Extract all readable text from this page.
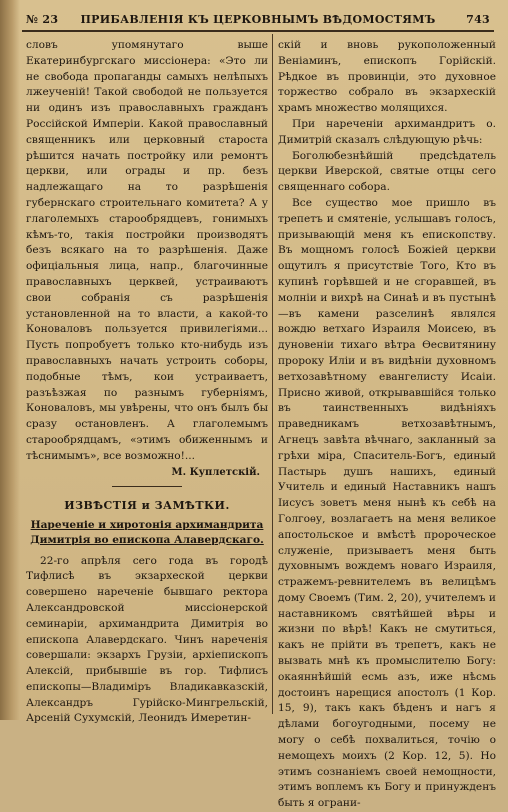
№ 23	ПРИБАВЛЕНІЯ КЪ ЦЕРКОВНЫМЪ ВѢДОМОСТЯМЪ	743

словъ упомянутаго выше Екатеринбургскаго миссіонера: «Это ли не свобода пропаганды самыхъ нелѣпыхъ лжеученій! Такой свободой не пользуется ни одинъ изъ православныхъ гражданъ Россійской Имперіи. Какой православный священникъ или церковный староста рѣшится начать постройку или ремонтъ церкви, или ограды и пр. безъ надлежащаго на то разрѣшенія губернскаго строительнаго комитета? А у глаголемыхъ старообрядцевъ, гонимыхъ кѣмъ-то, такія постройки производятъ безъ всякаго на то разрѣшенія. Даже офиціальныя лица, напр., благочинные православныхъ церквей, устраиваютъ свои собранія съ разрѣшенія установленной на то власти, а какой-то Коноваловъ пользуется привилегіями... Пусть попробуетъ только кто-нибудь изъ православныхъ начать устроить соборы, подобные тѣмъ, кои устраиваетъ, разъѣзжая по разнымъ губерніямъ, Коноваловъ, мы увѣрены, что онъ былъ бы сразу остановленъ. А глаголемымъ старообрядцамъ, «этимъ обиженнымъ и тѣснимымъ», все возможно!...

М. Куплетскій.
ИЗВѢСТІЯ и ЗАМѢТКИ.
Нареченіе и хиротонія архимандрита Димитрія во епископа Алавердскаго.

22-го апрѣля сего года въ городѣ Тифлисѣ въ экзархеской церкви совершено нареченіе бывшаго ректора Александровской миссіонерской семинаріи, архимандрита Димитрія во епископа Алавердскаго. Чинъ нареченія совершали: экзархъ Грузіи, архіепископъ Алексій, прибывшіе въ гор. Тифлисъ епископы—Владиміръ Владикавказскій, Александръ Гурійско-Мингрельскій, Арсеній Сухумскій, Леонидъ Имеретин-

скій и вновь рукоположенный Веніаминъ, епископъ Горійскій. Рѣдкое въ провинціи, это духовное торжество собрало въ экзархескій храмъ множество молящихся.

При нареченіи архимандритъ о. Димитрій сказалъ слѣдующую рѣчь:

Боголюбезнѣйшій предсѣдатель церкви Иверской, святые отцы сего священнаго собора.

Все существо мое пришло въ трепетъ и смятеніе, услышавъ голосъ, призывающій меня къ епископству. Въ мощномъ голосѣ Божіей церкви ощутилъ я присутствіе Того, Кто въ купинѣ горѣвшей и не сгоравшей, въ молніи и вихрѣ на Синаѣ и въ пустынѣ—въ камени разселинѣ являлся вождю ветхаго Израиля Моисею, въ дуновеніи тихаго вѣтра Ѳесвитянину пророку Иліи и въ видѣніи духовномъ ветхозавѣтному евангелисту Исаіи. Присно живой, открывавшійся только въ таинственныхъ видѣніяхъ праведникамъ ветхозавѣтнымъ, Агнецъ завѣта вѣчнаго, закланный за грѣхи міра, Спаситель-Богъ, единый Пастырь душъ нашихъ, единый Учитель и единый Наставникъ нашъ Іисусъ зоветъ меня нынѣ къ себѣ на Голгоѳу, возлагаетъ на меня великое апостольское и вмѣстѣ пророческое служеніе, призываетъ меня быть духовнымъ вождемъ новаго Израиля, стражемъ-ревнителемъ въ велицѣмъ дому Своемъ (Тим. 2, 20), учителемъ и наставникомъ святѣйшей вѣры и жизни по вѣрѣ! Какъ не смутиться, какъ не прійти въ трепетъ, какъ не вызвать мнѣ къ промыслителю Богу: окаяннѣйшій есмь азъ, иже нѣсмь достоинъ нарещися апостолъ (1 Кор. 15, 9), такъ какъ бѣденъ и нагъ я дѣлами богоугодными, посему не могу о себѣ похвалиться, точію о немощехъ моихъ (2 Кор. 12, 5). Но этимъ сознаніемъ своей немощности, этимъ воплемъ къ Богу и принужденъ быть я ограни-
